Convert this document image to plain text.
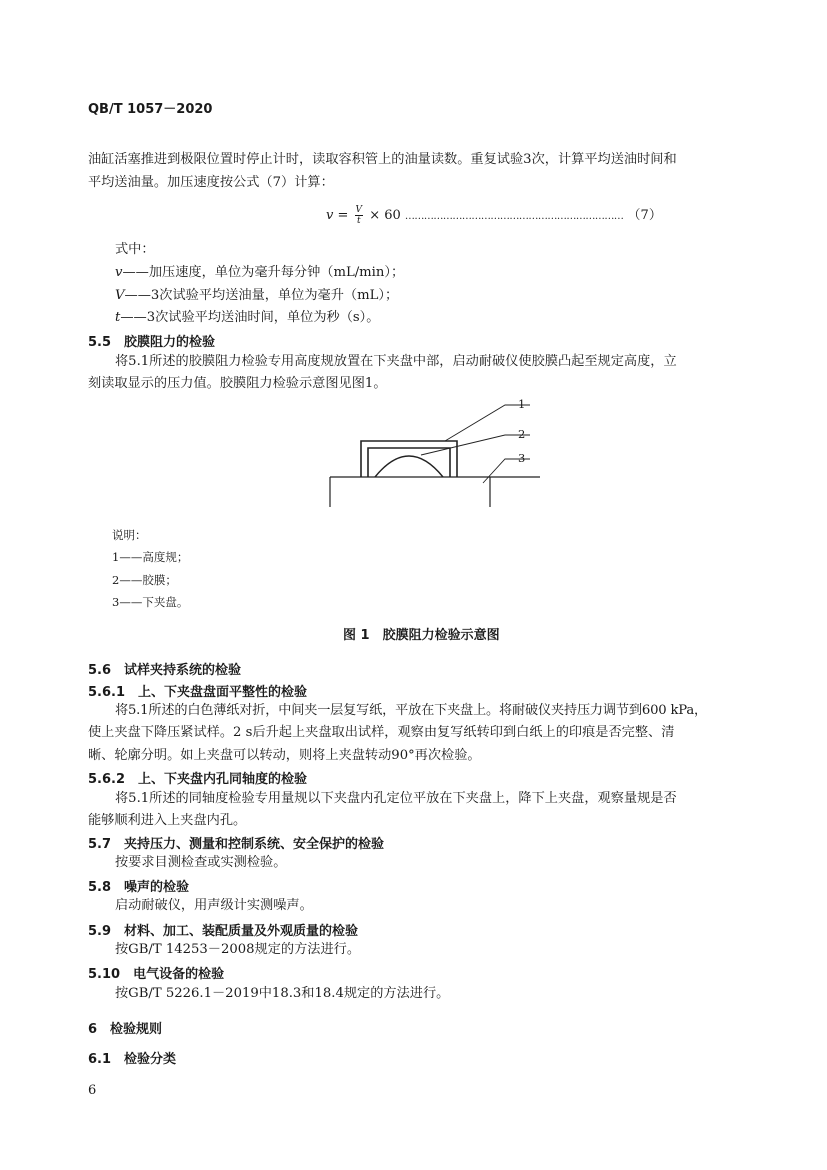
QB/T 1057－2020
油缸活塞推进到极限位置时停止计时，读取容积管上的油量读数。重复试验3次，计算平均送油时间和
平均送油量。加压速度按公式（7）计算：
$v = \frac{V}{t} \times 60$ …………………………………………………………… （7）
式中：
v——加压速度，单位为毫升每分钟（mL/min）；
V——3次试验平均送油量，单位为毫升（mL）；
t——3次试验平均送油时间，单位为秒（s）。
5.5　胶膜阻力的检验
将5.1所述的胶膜阻力检验专用高度规放置在下夹盘中部，启动耐破仪使胶膜凸起至规定高度，立
刻读取显示的压力值。胶膜阻力检验示意图见图1。
1
2
3
说明：
1——高度规；
2——胶膜；
3——下夹盘。
图 1　胶膜阻力检验示意图
5.6　试样夹持系统的检验
5.6.1　上、下夹盘盘面平整性的检验
将5.1所述的白色薄纸对折，中间夹一层复写纸，平放在下夹盘上。将耐破仪夹持压力调节到600 kPa，
使上夹盘下降压紧试样。2 s后升起上夹盘取出试样，观察由复写纸转印到白纸上的印痕是否完整、清
晰、轮廓分明。如上夹盘可以转动，则将上夹盘转动90°再次检验。
5.6.2　上、下夹盘内孔同轴度的检验
将5.1所述的同轴度检验专用量规以下夹盘内孔定位平放在下夹盘上，降下上夹盘，观察量规是否
能够顺利进入上夹盘内孔。
5.7　夹持压力、测量和控制系统、安全保护的检验
按要求目测检查或实测检验。
5.8　噪声的检验
启动耐破仪，用声级计实测噪声。
5.9　材料、加工、装配质量及外观质量的检验
按GB/T 14253－2008规定的方法进行。
5.10　电气设备的检验
按GB/T 5226.1－2019中18.3和18.4规定的方法进行。
6　检验规则
6.1　检验分类
6
